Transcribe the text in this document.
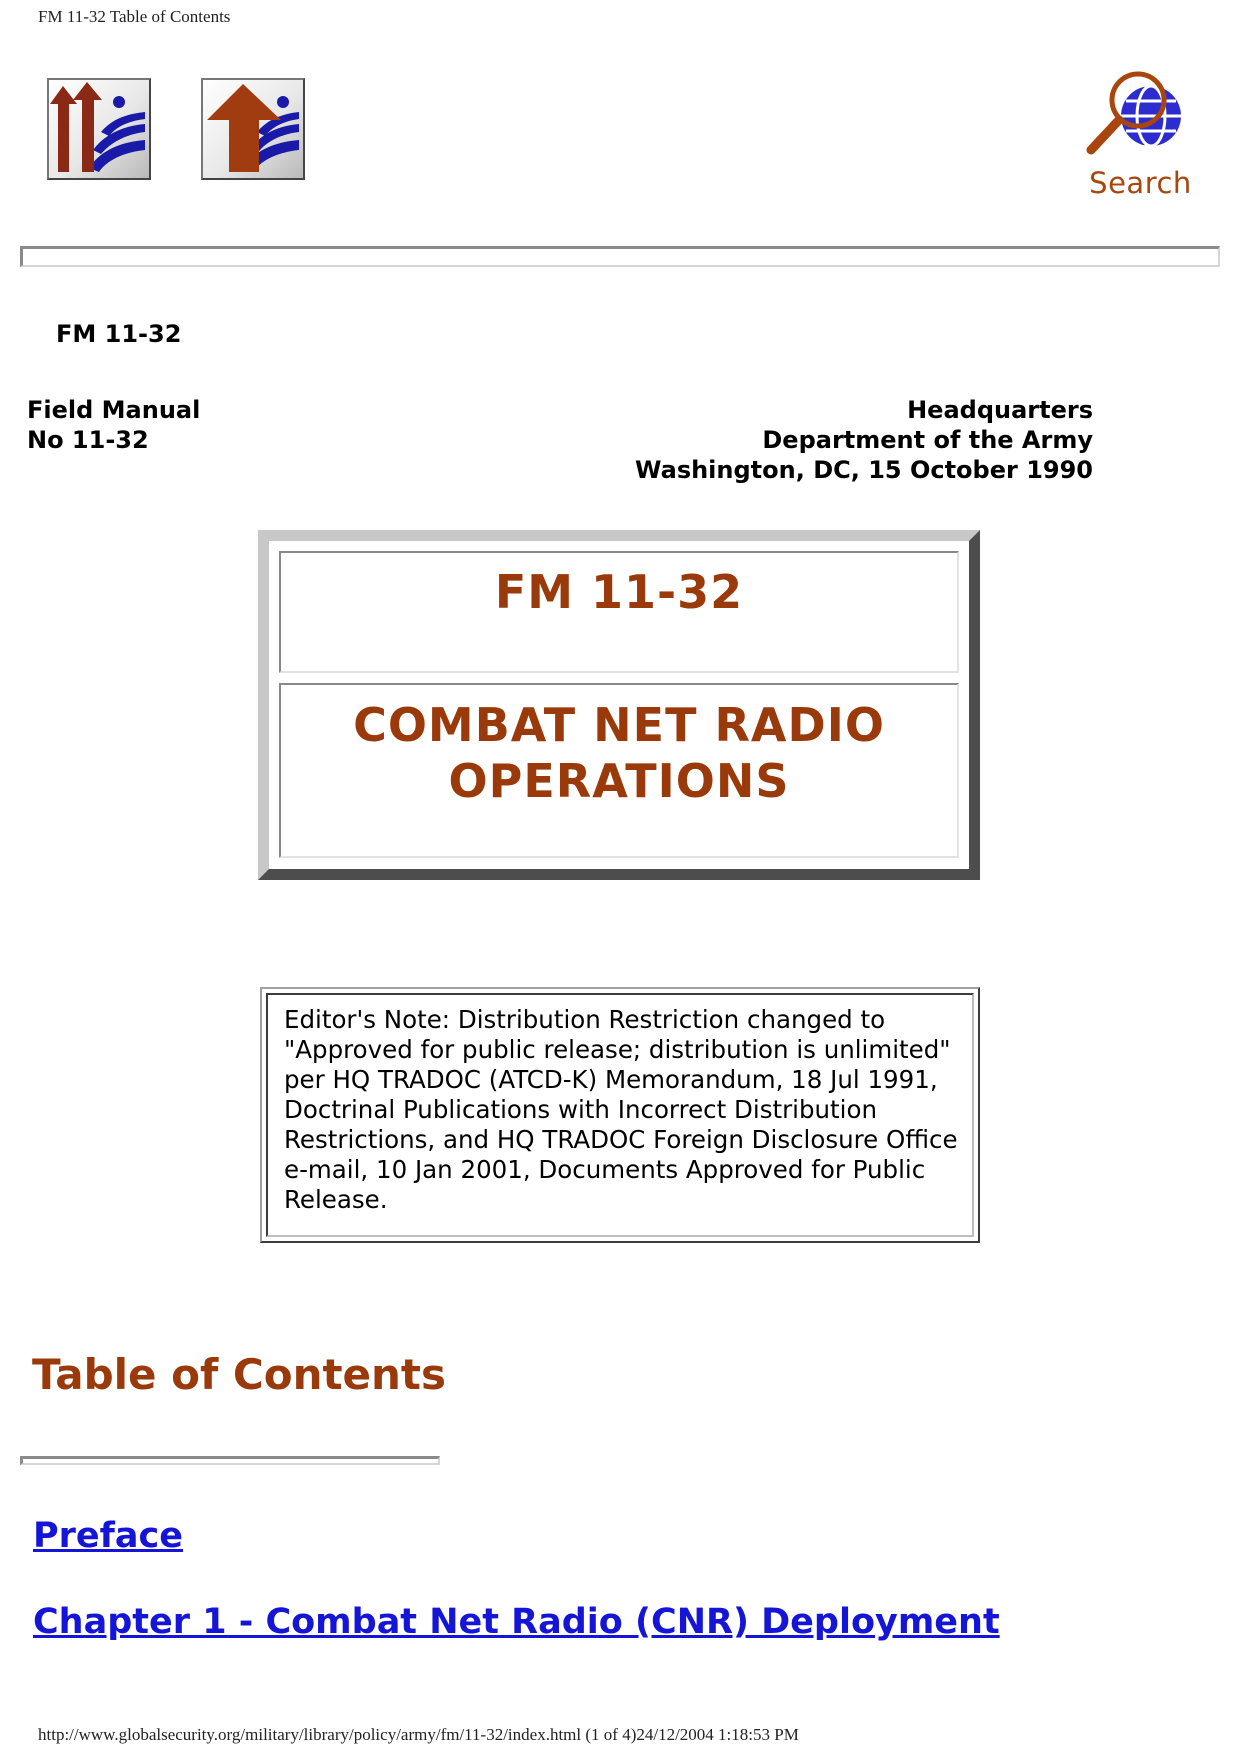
FM 11-32 Table of Contents
Search
FM 11-32
Field Manual
No 11-32
Headquarters
Department of the Army
Washington, DC, 15 October 1990
FM 11-32
COMBAT NET RADIO
OPERATIONS
Editor's Note: Distribution Restriction changed to "Approved for public release; distribution is unlimited" per HQ TRADOC (ATCD-K) Memorandum, 18 Jul 1991, Doctrinal Publications with Incorrect Distribution Restrictions, and HQ TRADOC Foreign Disclosure Office e-mail, 10 Jan 2001, Documents Approved for Public Release.
Table of Contents
Preface
Chapter 1 - Combat Net Radio (CNR) Deployment
http://www.globalsecurity.org/military/library/policy/army/fm/11-32/index.html (1 of 4)24/12/2004 1:18:53 PM
